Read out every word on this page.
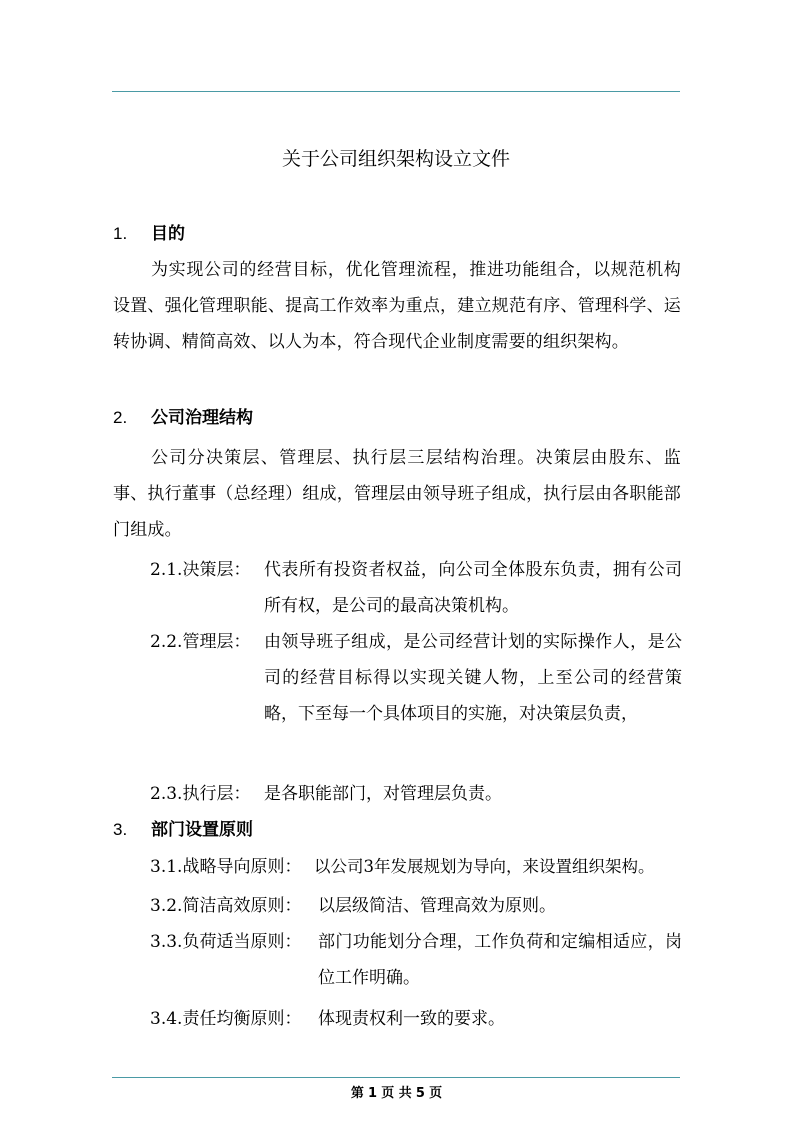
关于公司组织架构设立文件
1. 目的
为实现公司的经营目标，优化管理流程，推进功能组合，以规范机构设置、强化管理职能、提高工作效率为重点，建立规范有序、管理科学、运转协调、精简高效、以人为本，符合现代企业制度需要的组织架构。
2. 公司治理结构
公司分决策层、管理层、执行层三层结构治理。决策层由股东、监事、执行董事（总经理）组成，管理层由领导班子组成，执行层由各职能部门组成。
2.1.决策层： 代表所有投资者权益，向公司全体股东负责，拥有公司所有权，是公司的最高决策机构。
2.2.管理层： 由领导班子组成，是公司经营计划的实际操作人，是公司的经营目标得以实现关键人物，上至公司的经营策略，下至每一个具体项目的实施，对决策层负责，
2.3.执行层： 是各职能部门，对管理层负责。
3. 部门设置原则
3.1.战略导向原则： 以公司3年发展规划为导向，来设置组织架构。
3.2.简洁高效原则： 以层级简洁、管理高效为原则。
3.3.负荷适当原则： 部门功能划分合理，工作负荷和定编相适应，岗位工作明确。
3.4.责任均衡原则： 体现责权利一致的要求。
第 1 页 共 5 页
